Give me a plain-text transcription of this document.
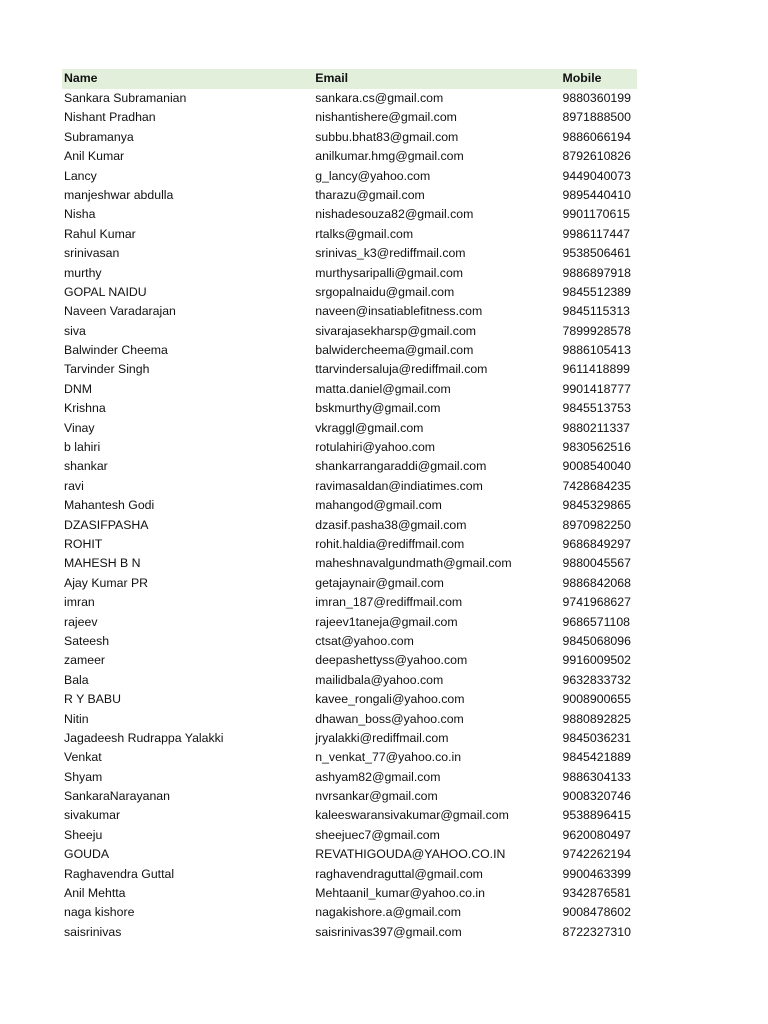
Name	Email	Mobile
Sankara Subramanian	sankara.cs@gmail.com	9880360199
Nishant Pradhan	nishantishere@gmail.com	8971888500
Subramanya	subbu.bhat83@gmail.com	9886066194
Anil Kumar	anilkumar.hmg@gmail.com	8792610826
Lancy	g_lancy@yahoo.com	9449040073
manjeshwar abdulla	tharazu@gmail.com	9895440410
Nisha	nishadesouza82@gmail.com	9901170615
Rahul Kumar	rtalks@gmail.com	9986117447
srinivasan	srinivas_k3@rediffmail.com	9538506461
murthy	murthysaripalli@gmail.com	9886897918
GOPAL NAIDU	srgopalnaidu@gmail.com	9845512389
Naveen Varadarajan	naveen@insatiablefitness.com	9845115313
siva	sivarajasekharsp@gmail.com	7899928578
Balwinder Cheema	balwidercheema@gmail.com	9886105413
Tarvinder Singh	ttarvindersaluja@rediffmail.com	9611418899
DNM	matta.daniel@gmail.com	9901418777
Krishna	bskmurthy@gmail.com	9845513753
Vinay	vkraggl@gmail.com	9880211337
b lahiri	rotulahiri@yahoo.com	9830562516
shankar	shankarrangaraddi@gmail.com	9008540040
ravi	ravimasaldan@indiatimes.com	7428684235
Mahantesh Godi	mahangod@gmail.com	9845329865
DZASIFPASHA	dzasif.pasha38@gmail.com	8970982250
ROHIT	rohit.haldia@rediffmail.com	9686849297
MAHESH B N	maheshnavalgundmath@gmail.com	9880045567
Ajay Kumar PR	getajaynair@gmail.com	9886842068
imran	imran_187@rediffmail.com	9741968627
rajeev	rajeev1taneja@gmail.com	9686571108
Sateesh	ctsat@yahoo.com	9845068096
zameer	deepashettyss@yahoo.com	9916009502
Bala	mailidbala@yahoo.com	9632833732
R Y BABU	kavee_rongali@yahoo.com	9008900655
Nitin	dhawan_boss@yahoo.com	9880892825
Jagadeesh Rudrappa Yalakki	jryalakki@rediffmail.com	9845036231
Venkat	n_venkat_77@yahoo.co.in	9845421889
Shyam	ashyam82@gmail.com	9886304133
SankaraNarayanan	nvrsankar@gmail.com	9008320746
sivakumar	kaleeswaransivakumar@gmail.com	9538896415
Sheeju	sheejuec7@gmail.com	9620080497
GOUDA	REVATHIGOUDA@YAHOO.CO.IN	9742262194
Raghavendra Guttal	raghavendraguttal@gmail.com	9900463399
Anil Mehtta	Mehtaanil_kumar@yahoo.co.in	9342876581
naga kishore	nagakishore.a@gmail.com	9008478602
saisrinivas	saisrinivas397@gmail.com	8722327310
